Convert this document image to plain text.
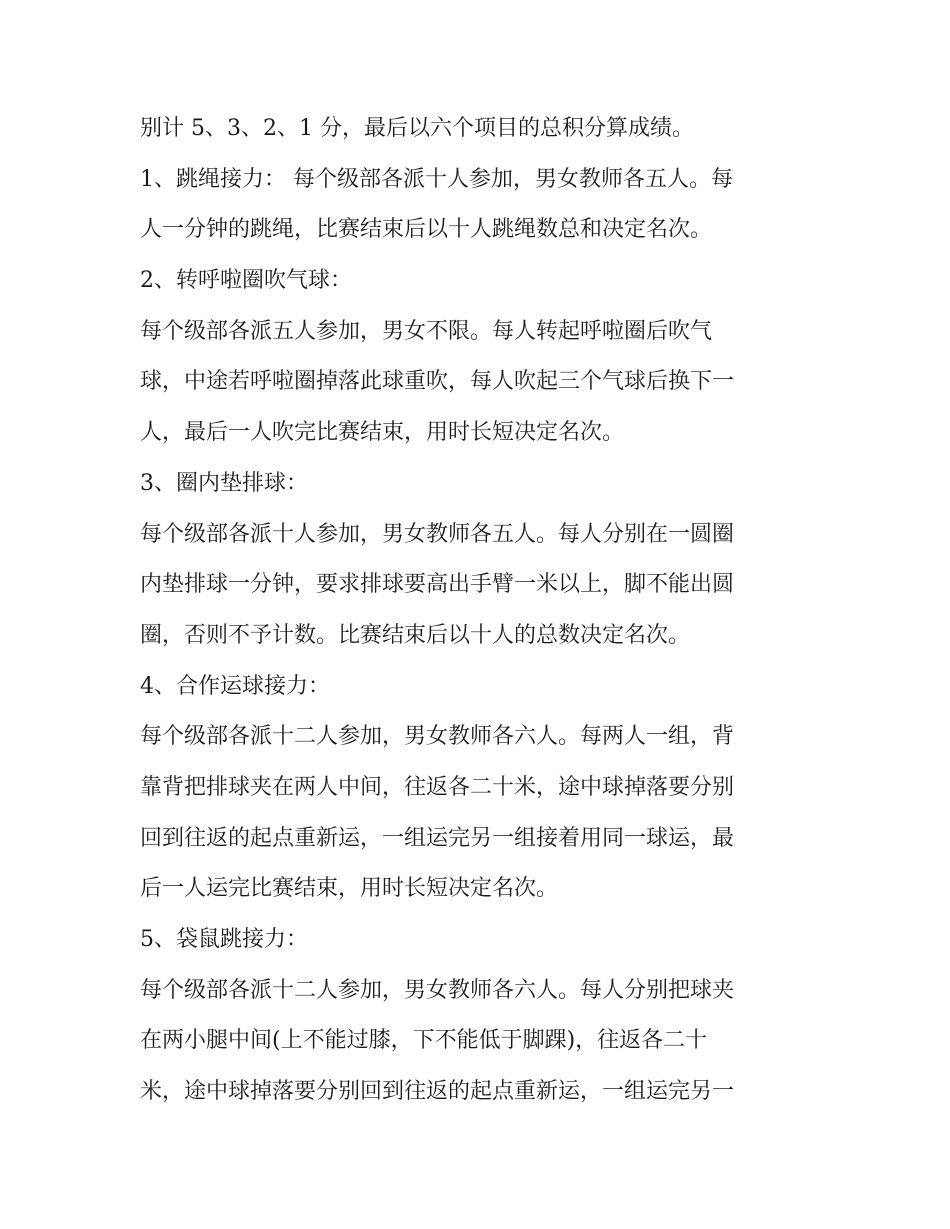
别计 5、3、2、1 分，最后以六个项目的总积分算成绩。
1、跳绳接力： 每个级部各派十人参加，男女教师各五人。每
人一分钟的跳绳，比赛结束后以十人跳绳数总和决定名次。
2、转呼啦圈吹气球：
每个级部各派五人参加，男女不限。每人转起呼啦圈后吹气
球，中途若呼啦圈掉落此球重吹，每人吹起三个气球后换下一
人，最后一人吹完比赛结束，用时长短决定名次。
3、圈内垫排球：
每个级部各派十人参加，男女教师各五人。每人分别在一圆圈
内垫排球一分钟，要求排球要高出手臂一米以上，脚不能出圆
圈，否则不予计数。比赛结束后以十人的总数决定名次。
4、合作运球接力：
每个级部各派十二人参加，男女教师各六人。每两人一组，背
靠背把排球夹在两人中间，往返各二十米，途中球掉落要分别
回到往返的起点重新运，一组运完另一组接着用同一球运，最
后一人运完比赛结束，用时长短决定名次。
5、袋鼠跳接力：
每个级部各派十二人参加，男女教师各六人。每人分别把球夹
在两小腿中间(上不能过膝，下不能低于脚踝)，往返各二十
米，途中球掉落要分别回到往返的起点重新运，一组运完另一
